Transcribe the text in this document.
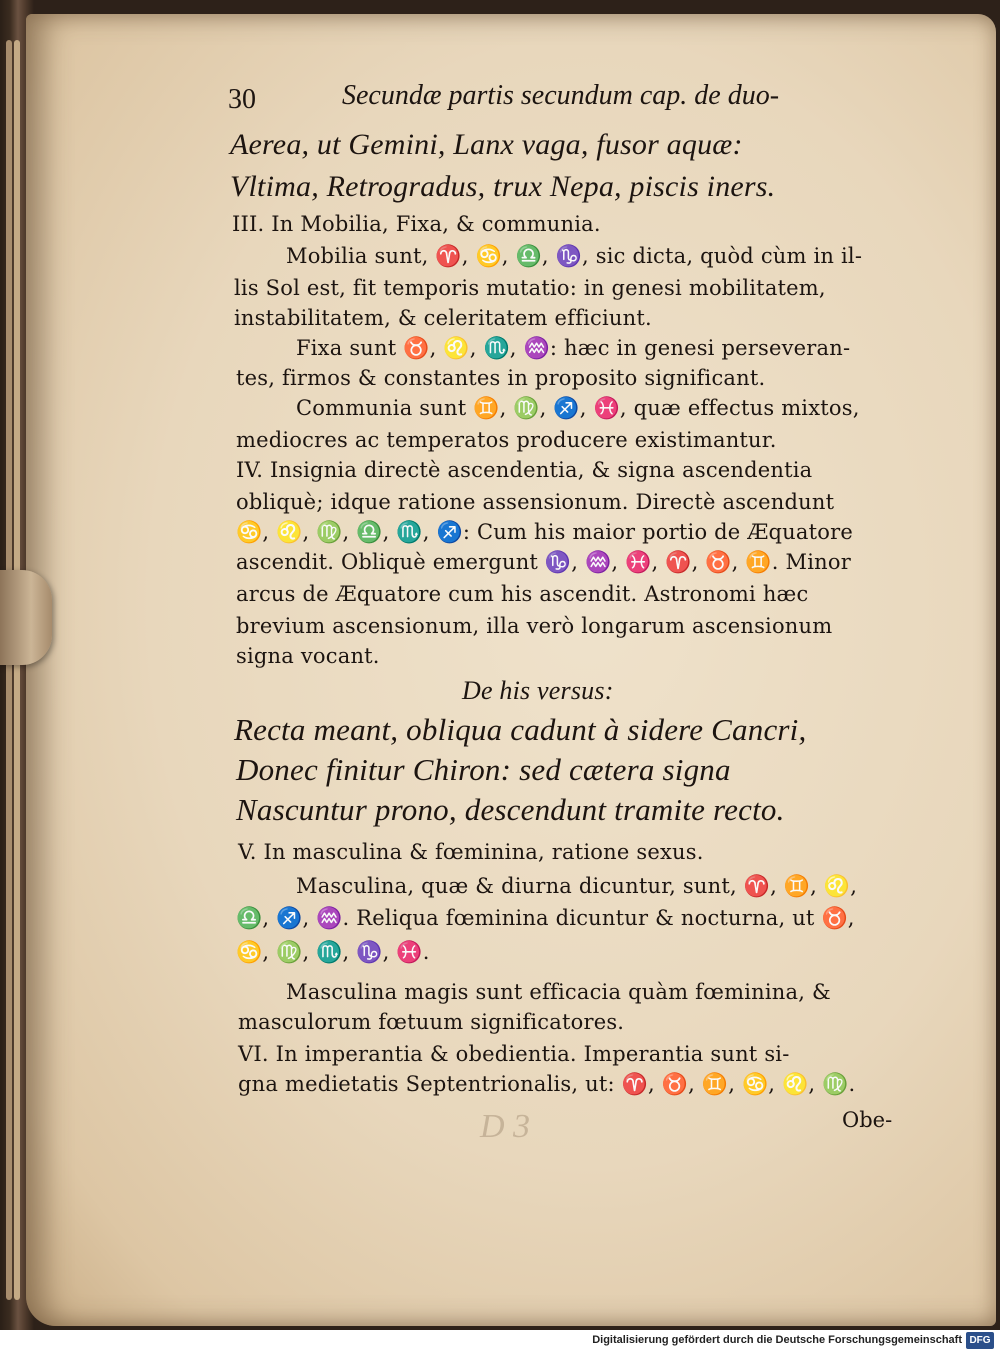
30	Secundæ partis secundum cap. de duo-
Aerea, ut Gemini, Lanx vaga, fusor aquæ:
Vltima, Retrogradus, trux Nepa, piscis iners.
III. In Mobilia, Fixa, & communia.
Mobilia sunt, ♈, ♋, ♎, ♑, sic dicta, quòd cùm in il-
lis Sol est, fit temporis mutatio: in genesi mobilitatem,
instabilitatem, & celeritatem efficiunt.
Fixa sunt ♉, ♌, ♏, ♒: hæc in genesi perseveran-
tes, firmos & constantes in proposito significant.
Communia sunt ♊, ♍, ♐, ♓, quæ effectus mixtos,
mediocres ac temperatos producere existimantur.
IV. Insignia directè ascendentia, & signa ascendentia
obliquè; idque ratione assensionum. Directè ascendunt
♋, ♌, ♍, ♎, ♏, ♐: Cum his maior portio de Æquatore
ascendit. Obliquè emergunt ♑, ♒, ♓, ♈, ♉, ♊. Minor
arcus de Æquatore cum his ascendit. Astronomi hæc
brevium ascensionum, illa verò longarum ascensionum
signa vocant.
De his versus:
Recta meant, obliqua cadunt à sidere Cancri,
Donec finitur Chiron: sed cætera signa
Nascuntur prono, descendunt tramite recto.
V. In masculina & fœminina, ratione sexus.
Masculina, quæ & diurna dicuntur, sunt, ♈, ♊, ♌,
♎, ♐, ♒. Reliqua fœminina dicuntur & nocturna, ut ♉,
♋, ♍, ♏, ♑, ♓.
Masculina magis sunt efficacia quàm fœminina, &
masculorum fœtuum significatores.
VI. In imperantia & obedientia. Imperantia sunt si-
gna medietatis Septentrionalis, ut: ♈, ♉, ♊, ♋, ♌, ♍.
D 3	Obe-
Digitalisierung gefördert durch die Deutsche Forschungsgemeinschaft DFG
